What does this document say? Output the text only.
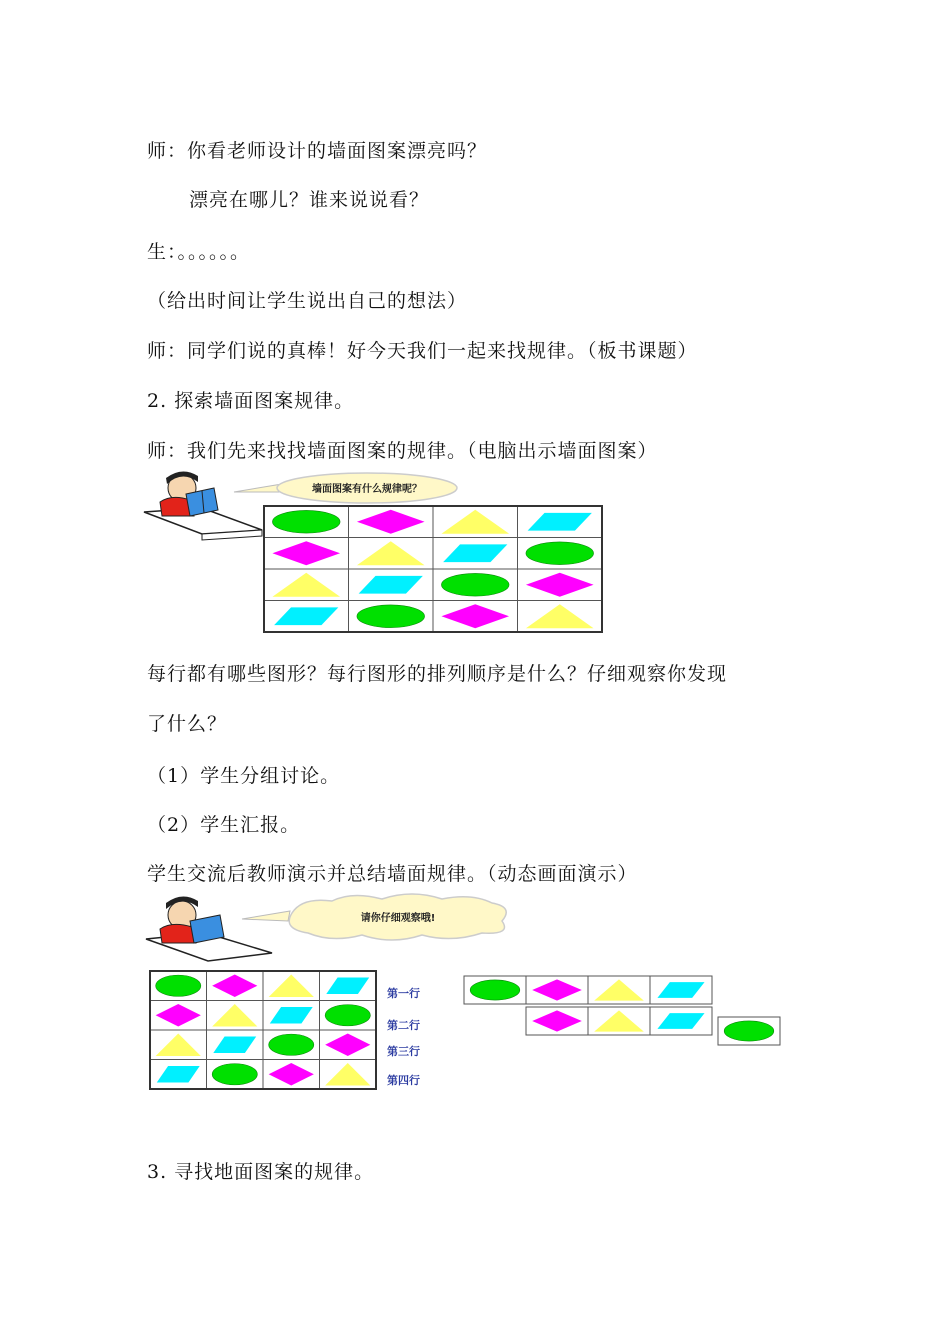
师：你看老师设计的墙面图案漂亮吗？
漂亮在哪儿？谁来说说看？
生：。。。。。。
（给出时间让学生说出自己的想法）
师：同学们说的真棒！好今天我们一起来找规律。（板书课题）
2. 探索墙面图案规律。
师：我们先来找找墙面图案的规律。（电脑出示墙面图案）
墙面图案有什么规律呢？
每行都有哪些图形？每行图形的排列顺序是什么？仔细观察你发现
了什么？
（1）学生分组讨论。
（2）学生汇报。
学生交流后教师演示并总结墙面规律。（动态画面演示）
请你仔细观察哦!
第一行
第二行
第三行
第四行
3. 寻找地面图案的规律。
